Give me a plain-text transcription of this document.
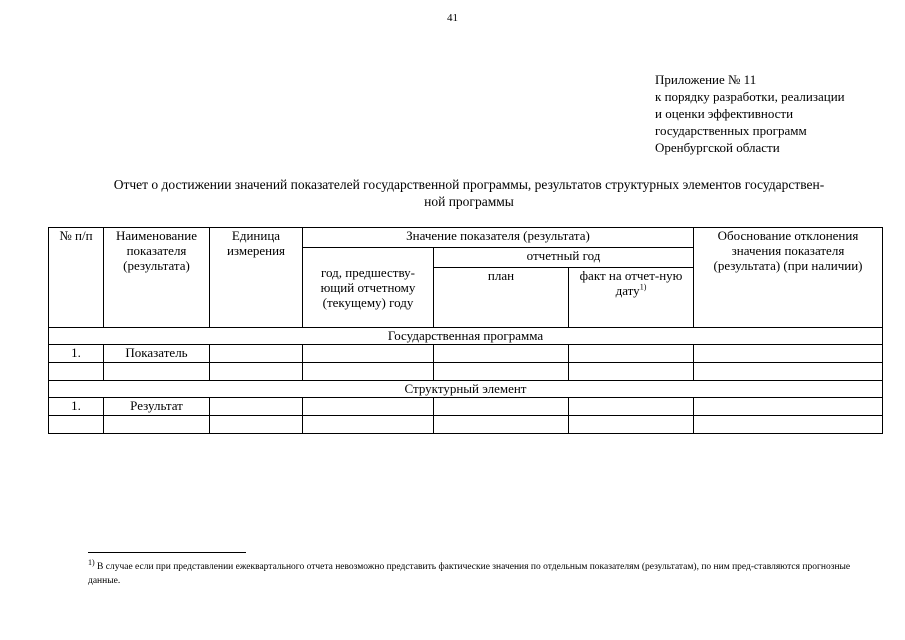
41
Приложение № 11
к порядку разработки, реализации
и оценки эффективности
государственных программ
Оренбургской области
Отчет о достижении значений показателей государственной программы, результатов структурных элементов государствен-
ной программы
№ п/п	Наименование показателя (результата)	Единица измерения	Значение показателя (результата)			Обоснование отклонения значения показателя (результата) (при наличии)
			год, предшеству-ющий отчетному (текущему) году	отчетный год		
				план	факт на отчет-ную дату$^{1)}$
Государственная программа						
1.	Показатель					

Структурный элемент						
1.	Результат					

$^{1)}$ В случае если при представлении ежеквартального отчета невозможно представить фактические значения по отдельным показателям (результатам), по ним пред-ставляются прогнозные данные.
